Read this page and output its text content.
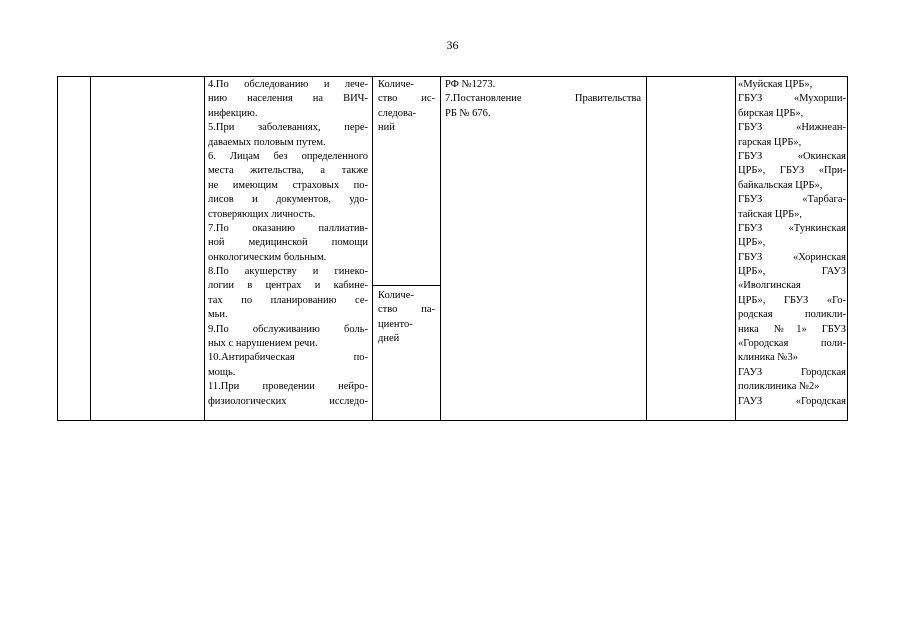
36
4.По обследованию и лече-
нию населения на ВИЧ-
инфекцию.
5.При заболеваниях, пере-
даваемых половым путем.
6. Лицам без определенного
места жительства, а также
не имеющим страховых по-
лисов и документов, удо-
стоверяющих личность.
7.По оказанию паллиатив-
ной медицинской помощи
онкологическим больным.
8.По акушерству и гинеко-
логии в центрах и кабине-
тах по планированию се-
мьи.
9.По обслуживанию боль-
ных с нарушением речи.
10.Антирабическая по-
мощь.
11.При проведении нейро-
физиологических исследо-
Количе-
ство ис-
следова-
ний
Количе-
ство па-
циенто-
дней
РФ №1273.
7.Постановление Правительства
РБ № 676.
«Муйская ЦРБ»,
ГБУЗ «Мухорши-
бирская ЦРБ»,
ГБУЗ «Нижнеан-
гарская ЦРБ»,
ГБУЗ «Окинская
ЦРБ», ГБУЗ «При-
байкальская ЦРБ»,
ГБУЗ «Тарбага-
тайская ЦРБ»,
ГБУЗ «Тункинская
ЦРБ»,
ГБУЗ «Хоринская
ЦРБ», ГАУЗ
«Иволгинская
ЦРБ», ГБУЗ «Го-
родская поликли-
ника №1» ГБУЗ
«Городская поли-
клиника №3»
ГАУЗ Городская
поликлиника №2»
ГАУЗ «Городская
